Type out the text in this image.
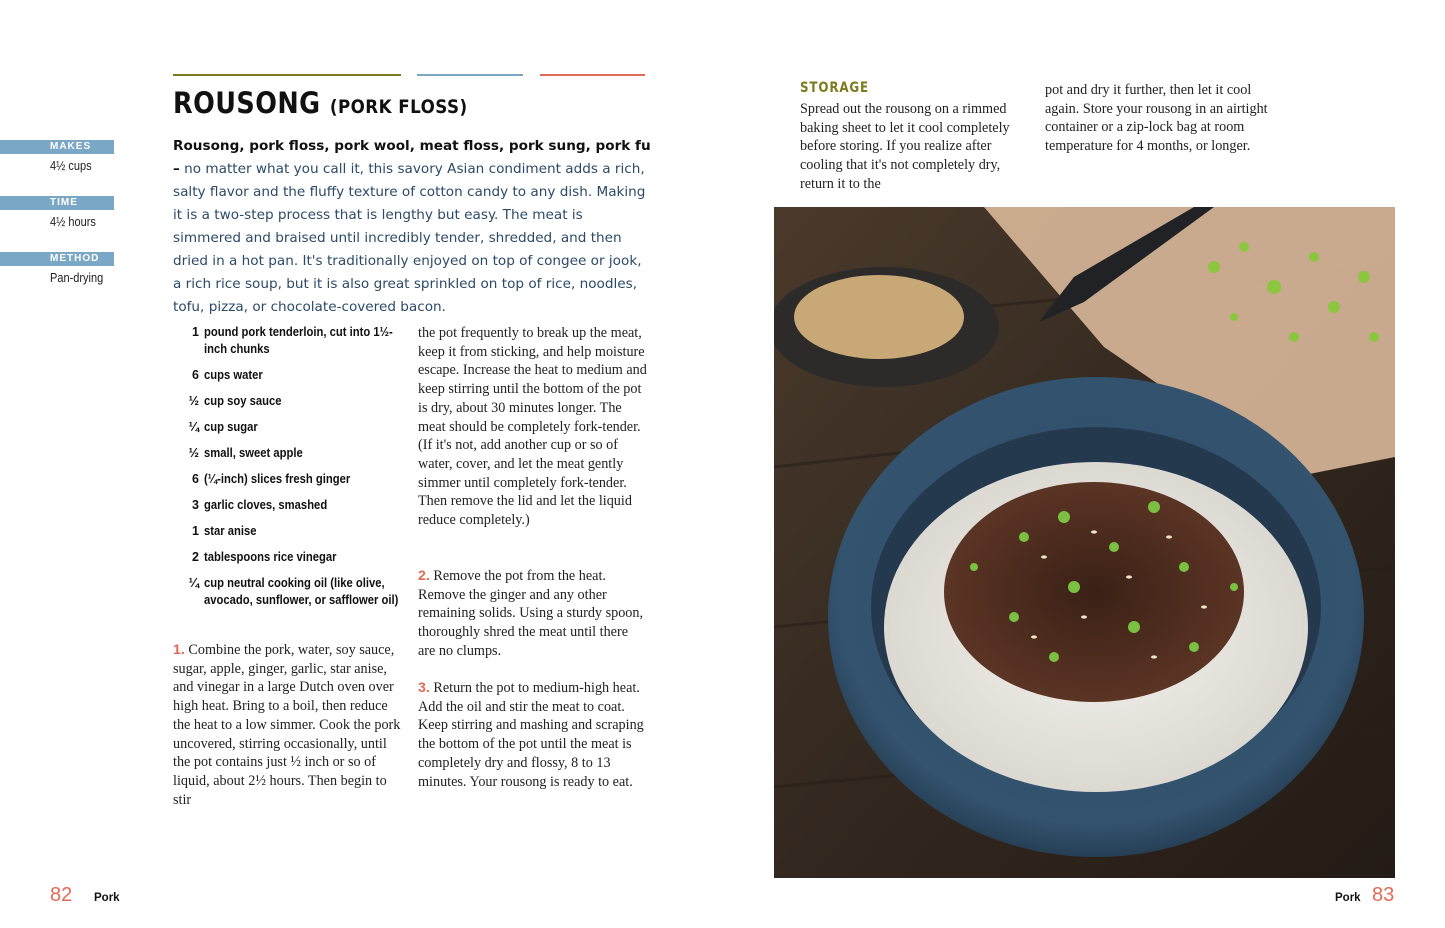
ROUSONG (PORK FLOSS)
MAKES
4½ cups
TIME
4½ hours
METHOD
Pan-drying
Rousong, pork floss, pork wool, meat floss, pork sung, pork fu – no matter what you call it, this savory Asian condiment adds a rich, salty flavor and the fluffy texture of cotton candy to any dish. Making it is a two-step process that is lengthy but easy. The meat is simmered and braised until incredibly tender, shredded, and then dried in a hot pan. It's traditionally enjoyed on top of congee or jook, a rich rice soup, but it is also great sprinkled on top of rice, noodles, tofu, pizza, or chocolate-covered bacon.
1 pound pork tenderloin, cut into 1½-inch chunks
6 cups water
½ cup soy sauce
¼ cup sugar
½ small, sweet apple
6 (¼-inch) slices fresh ginger
3 garlic cloves, smashed
1 star anise
2 tablespoons rice vinegar
¼ cup neutral cooking oil (like olive, avocado, sunflower, or safflower oil)
1. Combine the pork, water, soy sauce, sugar, apple, ginger, garlic, star anise, and vinegar in a large Dutch oven over high heat. Bring to a boil, then reduce the heat to a low simmer. Cook the pork uncovered, stirring occasionally, until the pot contains just ½ inch or so of liquid, about 2½ hours. Then begin to stir
the pot frequently to break up the meat, keep it from sticking, and help moisture escape. Increase the heat to medium and keep stirring until the bottom of the pot is dry, about 30 minutes longer. The meat should be completely fork-tender. (If it's not, add another cup or so of water, cover, and let the meat gently simmer until completely fork-tender. Then remove the lid and let the liquid reduce completely.)
2. Remove the pot from the heat. Remove the ginger and any other remaining solids. Using a sturdy spoon, thoroughly shred the meat until there are no clumps.
3. Return the pot to medium-high heat. Add the oil and stir the meat to coat. Keep stirring and mashing and scraping the bottom of the pot until the meat is completely dry and flossy, 8 to 13 minutes. Your rousong is ready to eat.
STORAGE
Spread out the rousong on a rimmed baking sheet to let it cool completely before storing. If you realize after cooling that it's not completely dry, return it to the
pot and dry it further, then let it cool again. Store your rousong in an airtight container or a zip-lock bag at room temperature for 4 months, or longer.
82 Pork	Pork 83
